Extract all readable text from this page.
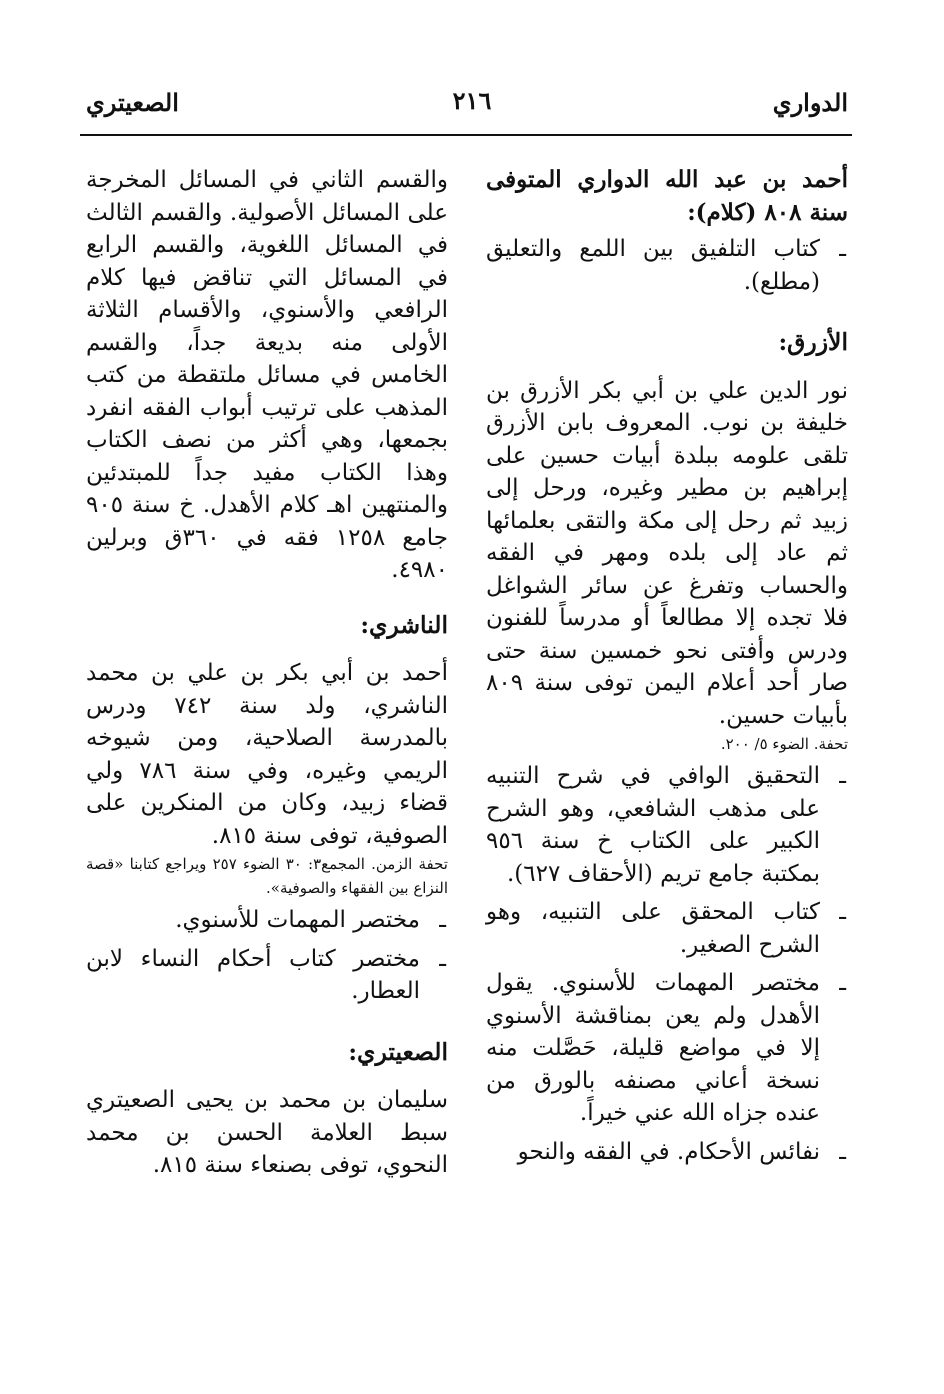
الدواري
٢١٦
الصعيتري

أحمد بن عبد الله الدواري المتوفى سنة ٨٠٨ (كلام):

ـ كتاب التلفيق بين اللمع والتعليق (مطلع).

الأزرق:

نور الدين علي بن أبي بكر الأزرق بن خليفة بن نوب. المعروف بابن الأزرق تلقى علومه ببلدة أبيات حسين على إبراهيم بن مطير وغيره، ورحل إلى زبيد ثم رحل إلى مكة والتقى بعلمائها ثم عاد إلى بلده ومهر في الفقه والحساب وتفرغ عن سائر الشواغل فلا تجده إلا مطالعاً أو مدرساً للفنون ودرس وأفتى نحو خمسين سنة حتى صار أحد أعلام اليمن توفى سنة ٨٠٩ بأبيات حسين.

تحفة. الضوء ٥/ ٢٠٠.

ـ التحقيق الوافي في شرح التنبيه على مذهب الشافعي، وهو الشرح الكبير على الكتاب خ سنة ٩٥٦ بمكتبة جامع تريم (الأحقاف ٦٢٧).
ـ كتاب المحقق على التنبيه، وهو الشرح الصغير.
ـ مختصر المهمات للأسنوي. يقول الأهدل ولم يعن بمناقشة الأسنوي إلا في مواضع قليلة، حَصَّلت منه نسخة أعاني مصنفه بالورق من عنده جزاه الله عني خيراً.
ـ نفائس الأحكام. في الفقه والنحو

والقسم الثاني في المسائل المخرجة على المسائل الأصولية. والقسم الثالث في المسائل اللغوية، والقسم الرابع في المسائل التي تناقض فيها كلام الرافعي والأسنوي، والأقسام الثلاثة الأولى منه بديعة جداً، والقسم الخامس في مسائل ملتقطة من كتب المذهب على ترتيب أبواب الفقه انفرد بجمعها، وهي أكثر من نصف الكتاب وهذا الكتاب مفيد جداً للمبتدئين والمنتهين اهـ كلام الأهدل. خ سنة ٩٠٥ جامع ١٢٥٨ فقه في ٣٦٠ق وبرلين ٤٩٨٠.

الناشري:

أحمد بن أبي بكر بن علي بن محمد الناشري، ولد سنة ٧٤٢ ودرس بالمدرسة الصلاحية، ومن شيوخه الريمي وغيره، وفي سنة ٧٨٦ ولي قضاء زبيد، وكان من المنكرين على الصوفية، توفى سنة ٨١٥.

تحفة الزمن. المجمع٣: ٣٠ الضوء ٢٥٧ ويراجع كتابنا «قصة النزاع بين الفقهاء والصوفية».

ـ مختصر المهمات للأسنوي.
ـ مختصر كتاب أحكام النساء لابن العطار.

الصعيتري:

سليمان بن محمد بن يحيى الصعيتري سبط العلامة الحسن بن محمد النحوي، توفى بصنعاء سنة ٨١٥.
